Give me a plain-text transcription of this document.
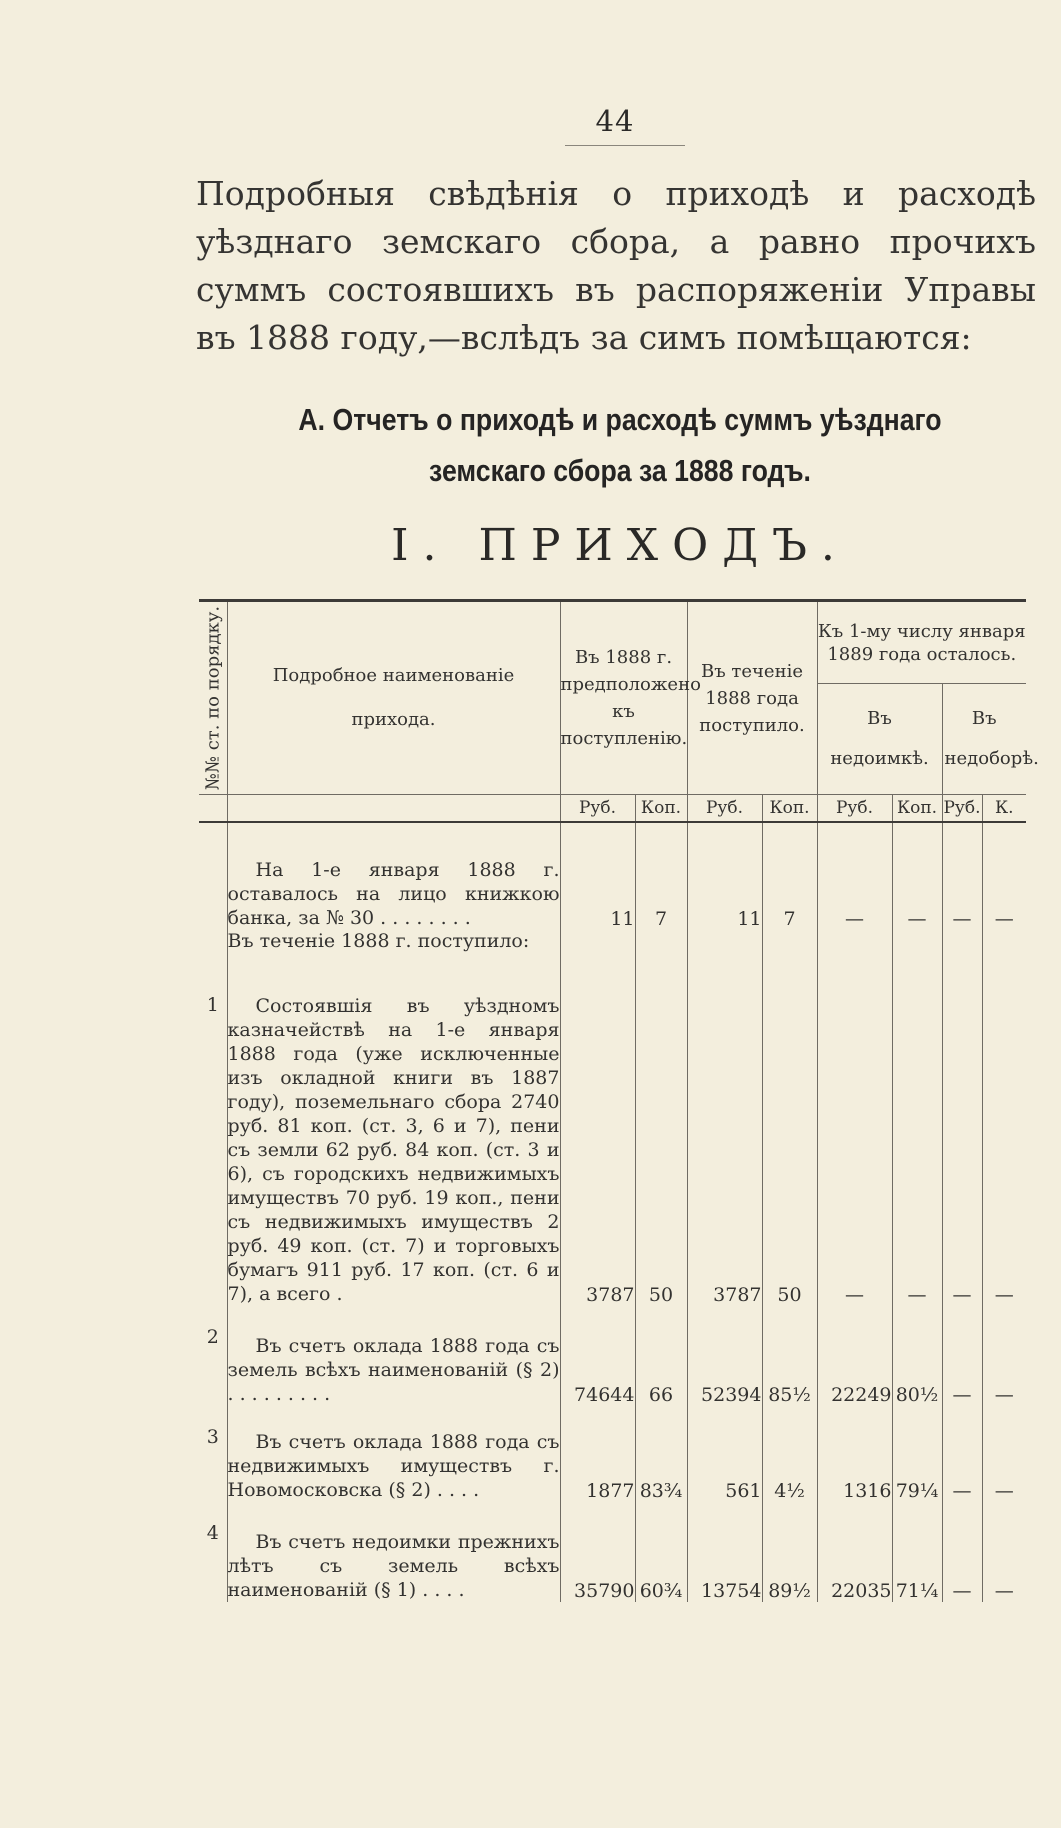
44
Подробныя свѣдѣнія о приходѣ и расходѣ уѣзднаго земскаго сбора, а равно прочихъ суммъ состоявшихъ въ распоряженіи Управы въ 1888 году,—вслѣдъ за симъ помѣщаются:
А. Отчетъ о приходѣ и расходѣ суммъ уѣзднаго
земскаго сбора за 1888 годъ.
I. ПРИХОДЪ.
№№ ст. по порядку.	Подробное наименованіе прихода.	Въ 1888 г. предположено къ поступленію.		Въ теченіе 1888 года поступило.		Къ 1-му числу января 1889 года осталось.			
						Въ недоимкѣ.		Въ недоборѣ.	
		Руб.	Коп.	Руб.	Коп.	Руб.	Коп.	Руб.	К.

	На 1-е января 1888 г. оставалось на лицо книжкою банка, за № 30 . . . . . . . .	11	7	11	7	—	—	—	—
	Въ теченіе 1888 г. поступило:								
1	Состоявшія въ уѣздномъ казначействѣ на 1-е января 1888 года (уже исключенные изъ окладной книги въ 1887 году), поземельнаго сбора 2740 руб. 81 коп. (ст. 3, 6 и 7), пени съ земли 62 руб. 84 коп. (ст. 3 и 6), съ городскихъ недвижимыхъ имуществъ 70 руб. 19 коп., пени съ недвижимыхъ имуществъ 2 руб. 49 коп. (ст. 7) и торговыхъ бумагъ 911 руб. 17 коп. (ст. 6 и 7), а всего .	3787	50	3787	50	—	—	—	—
2	Въ счетъ оклада 1888 года съ земель всѣхъ наименованій (§ 2) . . . . . . . . .	74644	66	52394	85½	22249	80½	—	—
3	Въ счетъ оклада 1888 года съ недвижимыхъ имуществъ г. Новомосковска (§ 2) . . . .	1877	83¾	561	4½	1316	79¼	—	—
4	Въ счетъ недоимки прежнихъ лѣтъ съ земель всѣхъ наименованій (§ 1) . . . .	35790	60¾	13754	89½	22035	71¼	—	—
